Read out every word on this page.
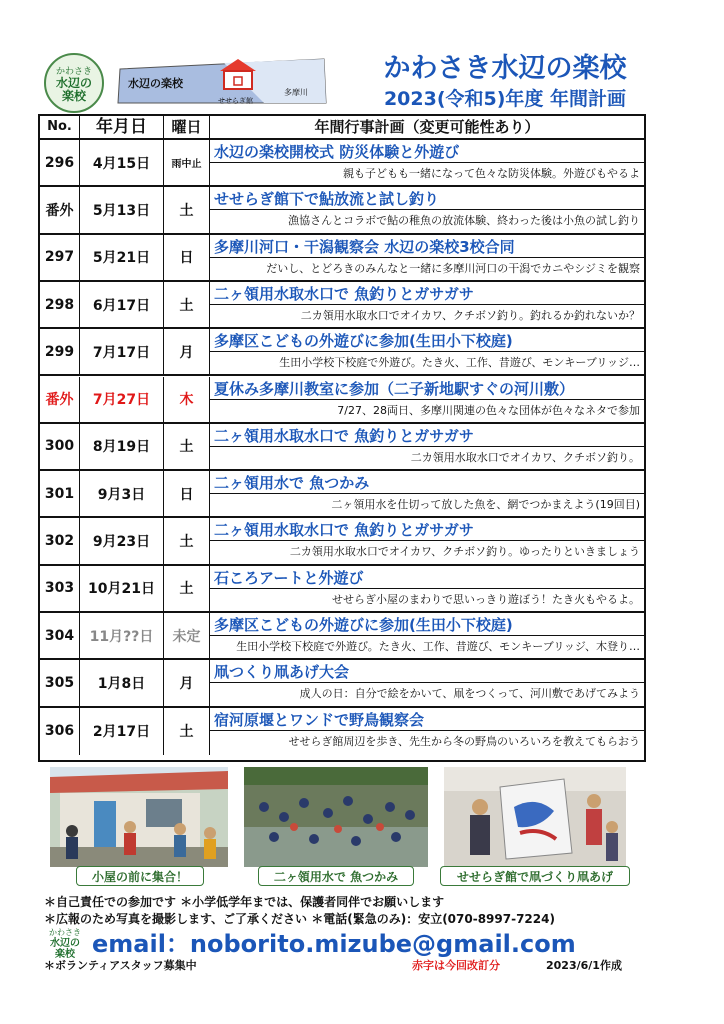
かわさき
水辺の
楽校
水辺の楽校
せせらぎ館
多摩川
かわさき水辺の楽校
2023(令和5)年度 年間計画
No.	年月日	曜日	年間行事計画（変更可能性あり）
296	4月15日	雨中止
水辺の楽校開校式 防災体験と外遊び
親も子どもも一緒になって色々な防災体験。外遊びもやるよ
番外	5月13日	土
せせらぎ館下で鮎放流と試し釣り
漁協さんとコラボで鮎の稚魚の放流体験、終わった後は小魚の試し釣り
297	5月21日	日
多摩川河口・干潟観察会 水辺の楽校3校合同
だいし、とどろきのみんなと一緒に多摩川河口の干潟でカニやシジミを観察
298	6月17日	土
二ヶ領用水取水口で 魚釣りとガサガサ
二カ領用水取水口でオイカワ、クチボソ釣り。釣れるか釣れないか？
299	7月17日	月
多摩区こどもの外遊びに参加(生田小下校庭)
生田小学校下校庭で外遊び。たき火、工作、昔遊び、モンキーブリッジ…
番外	7月27日	木
夏休み多摩川教室に参加（二子新地駅すぐの河川敷）
7/27、28両日、多摩川関連の色々な団体が色々なネタで参加
300	8月19日	土
二ヶ領用水取水口で 魚釣りとガサガサ
二カ領用水取水口でオイカワ、クチボソ釣り。
301	9月3日	日
二ヶ領用水で 魚つかみ
二ヶ領用水を仕切って放した魚を、網でつかまえよう(19回目)
302	9月23日	土
二ヶ領用水取水口で 魚釣りとガサガサ
二カ領用水取水口でオイカワ、クチボソ釣り。ゆったりといきましょう
303 10月21日	土
石ころアートと外遊び
せせらぎ小屋のまわりで思いっきり遊ぼう！たき火もやるよ。
304	11月??日	未定
多摩区こどもの外遊びに参加(生田小下校庭)
生田小学校下校庭で外遊び。たき火、工作、昔遊び、モンキーブリッジ、木登り…
305	1月8日	月
凧つくり凧あげ大会
成人の日：自分で絵をかいて、凧をつくって、河川敷であげてみよう
306	2月17日	土
宿河原堰とワンドで野鳥観察会
せせらぎ館周辺を歩き、先生から冬の野鳥のいろいろを教えてもらおう
小屋の前に集合！	二ヶ領用水で 魚つかみ	せせらぎ館で凧づくり凧あげ
＊自己責任での参加です ＊小学低学年までは、保護者同伴でお願いします
＊広報のため写真を撮影します、ご了承ください ＊電話(緊急のみ)：安立(070-8997-7224)
かわさき
水辺の
楽校 email：noborito.mizube@gmail.com
＊ボランティアスタッフ募集中	赤字は今回改訂分	2023/6/1作成
